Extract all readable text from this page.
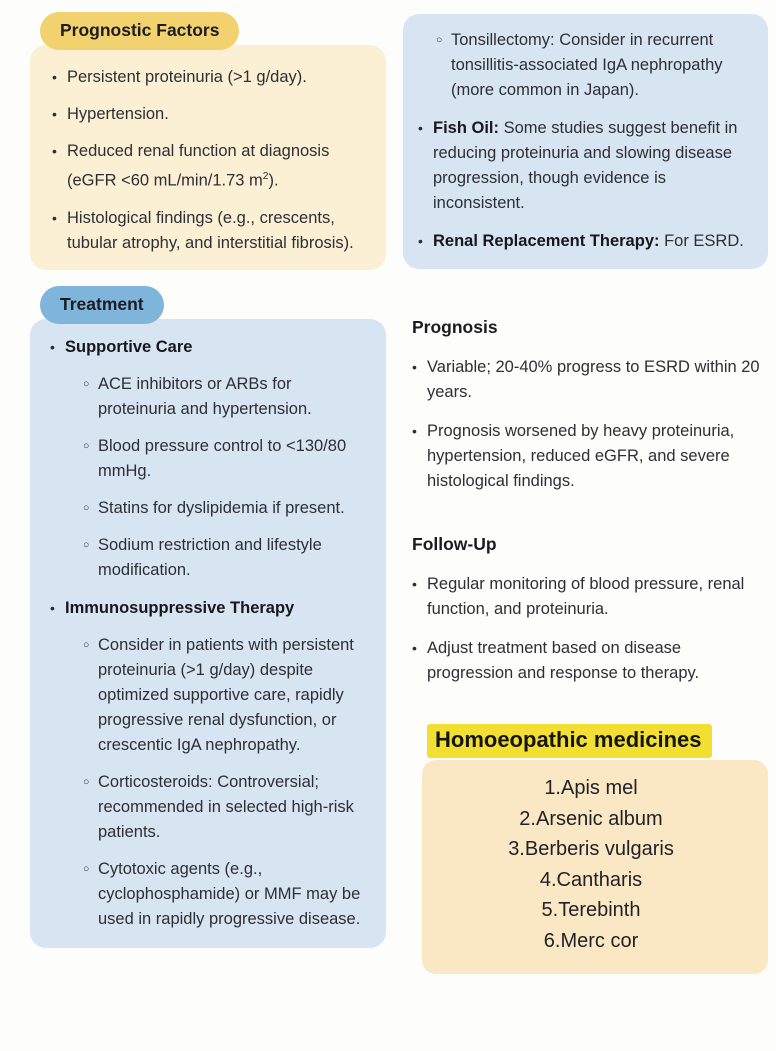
Prognostic Factors
• Persistent proteinuria (>1 g/day).
• Hypertension.
• Reduced renal function at diagnosis (eGFR <60 mL/min/1.73 $m^2$).
• Histological findings (e.g., crescents, tubular atrophy, and interstitial fibrosis).
Treatment
• Supportive Care
○ ACE inhibitors or ARBs for proteinuria and hypertension.
○ Blood pressure control to <130/80 mmHg.
○ Statins for dyslipidemia if present.
○ Sodium restriction and lifestyle modification.
• Immunosuppressive Therapy
○ Consider in patients with persistent proteinuria (>1 g/day) despite optimized supportive care, rapidly progressive renal dysfunction, or crescentic IgA nephropathy.
○ Corticosteroids: Controversial; recommended in selected high-risk patients.
○ Cytotoxic agents (e.g., cyclophosphamide) or MMF may be used in rapidly progressive disease.
○ Tonsillectomy: Consider in recurrent tonsillitis-associated IgA nephropathy (more common in Japan).
• Fish Oil: Some studies suggest benefit in reducing proteinuria and slowing disease progression, though evidence is inconsistent.
• Renal Replacement Therapy: For ESRD.
Prognosis
• Variable; 20-40% progress to ESRD within 20 years.
• Prognosis worsened by heavy proteinuria, hypertension, reduced eGFR, and severe histological findings.
Follow-Up
• Regular monitoring of blood pressure, renal function, and proteinuria.
• Adjust treatment based on disease progression and response to therapy.
Homoeopathic medicines
1.Apis mel
2.Arsenic album
3.Berberis vulgaris
4.Cantharis
5.Terebinth
6.Merc cor
